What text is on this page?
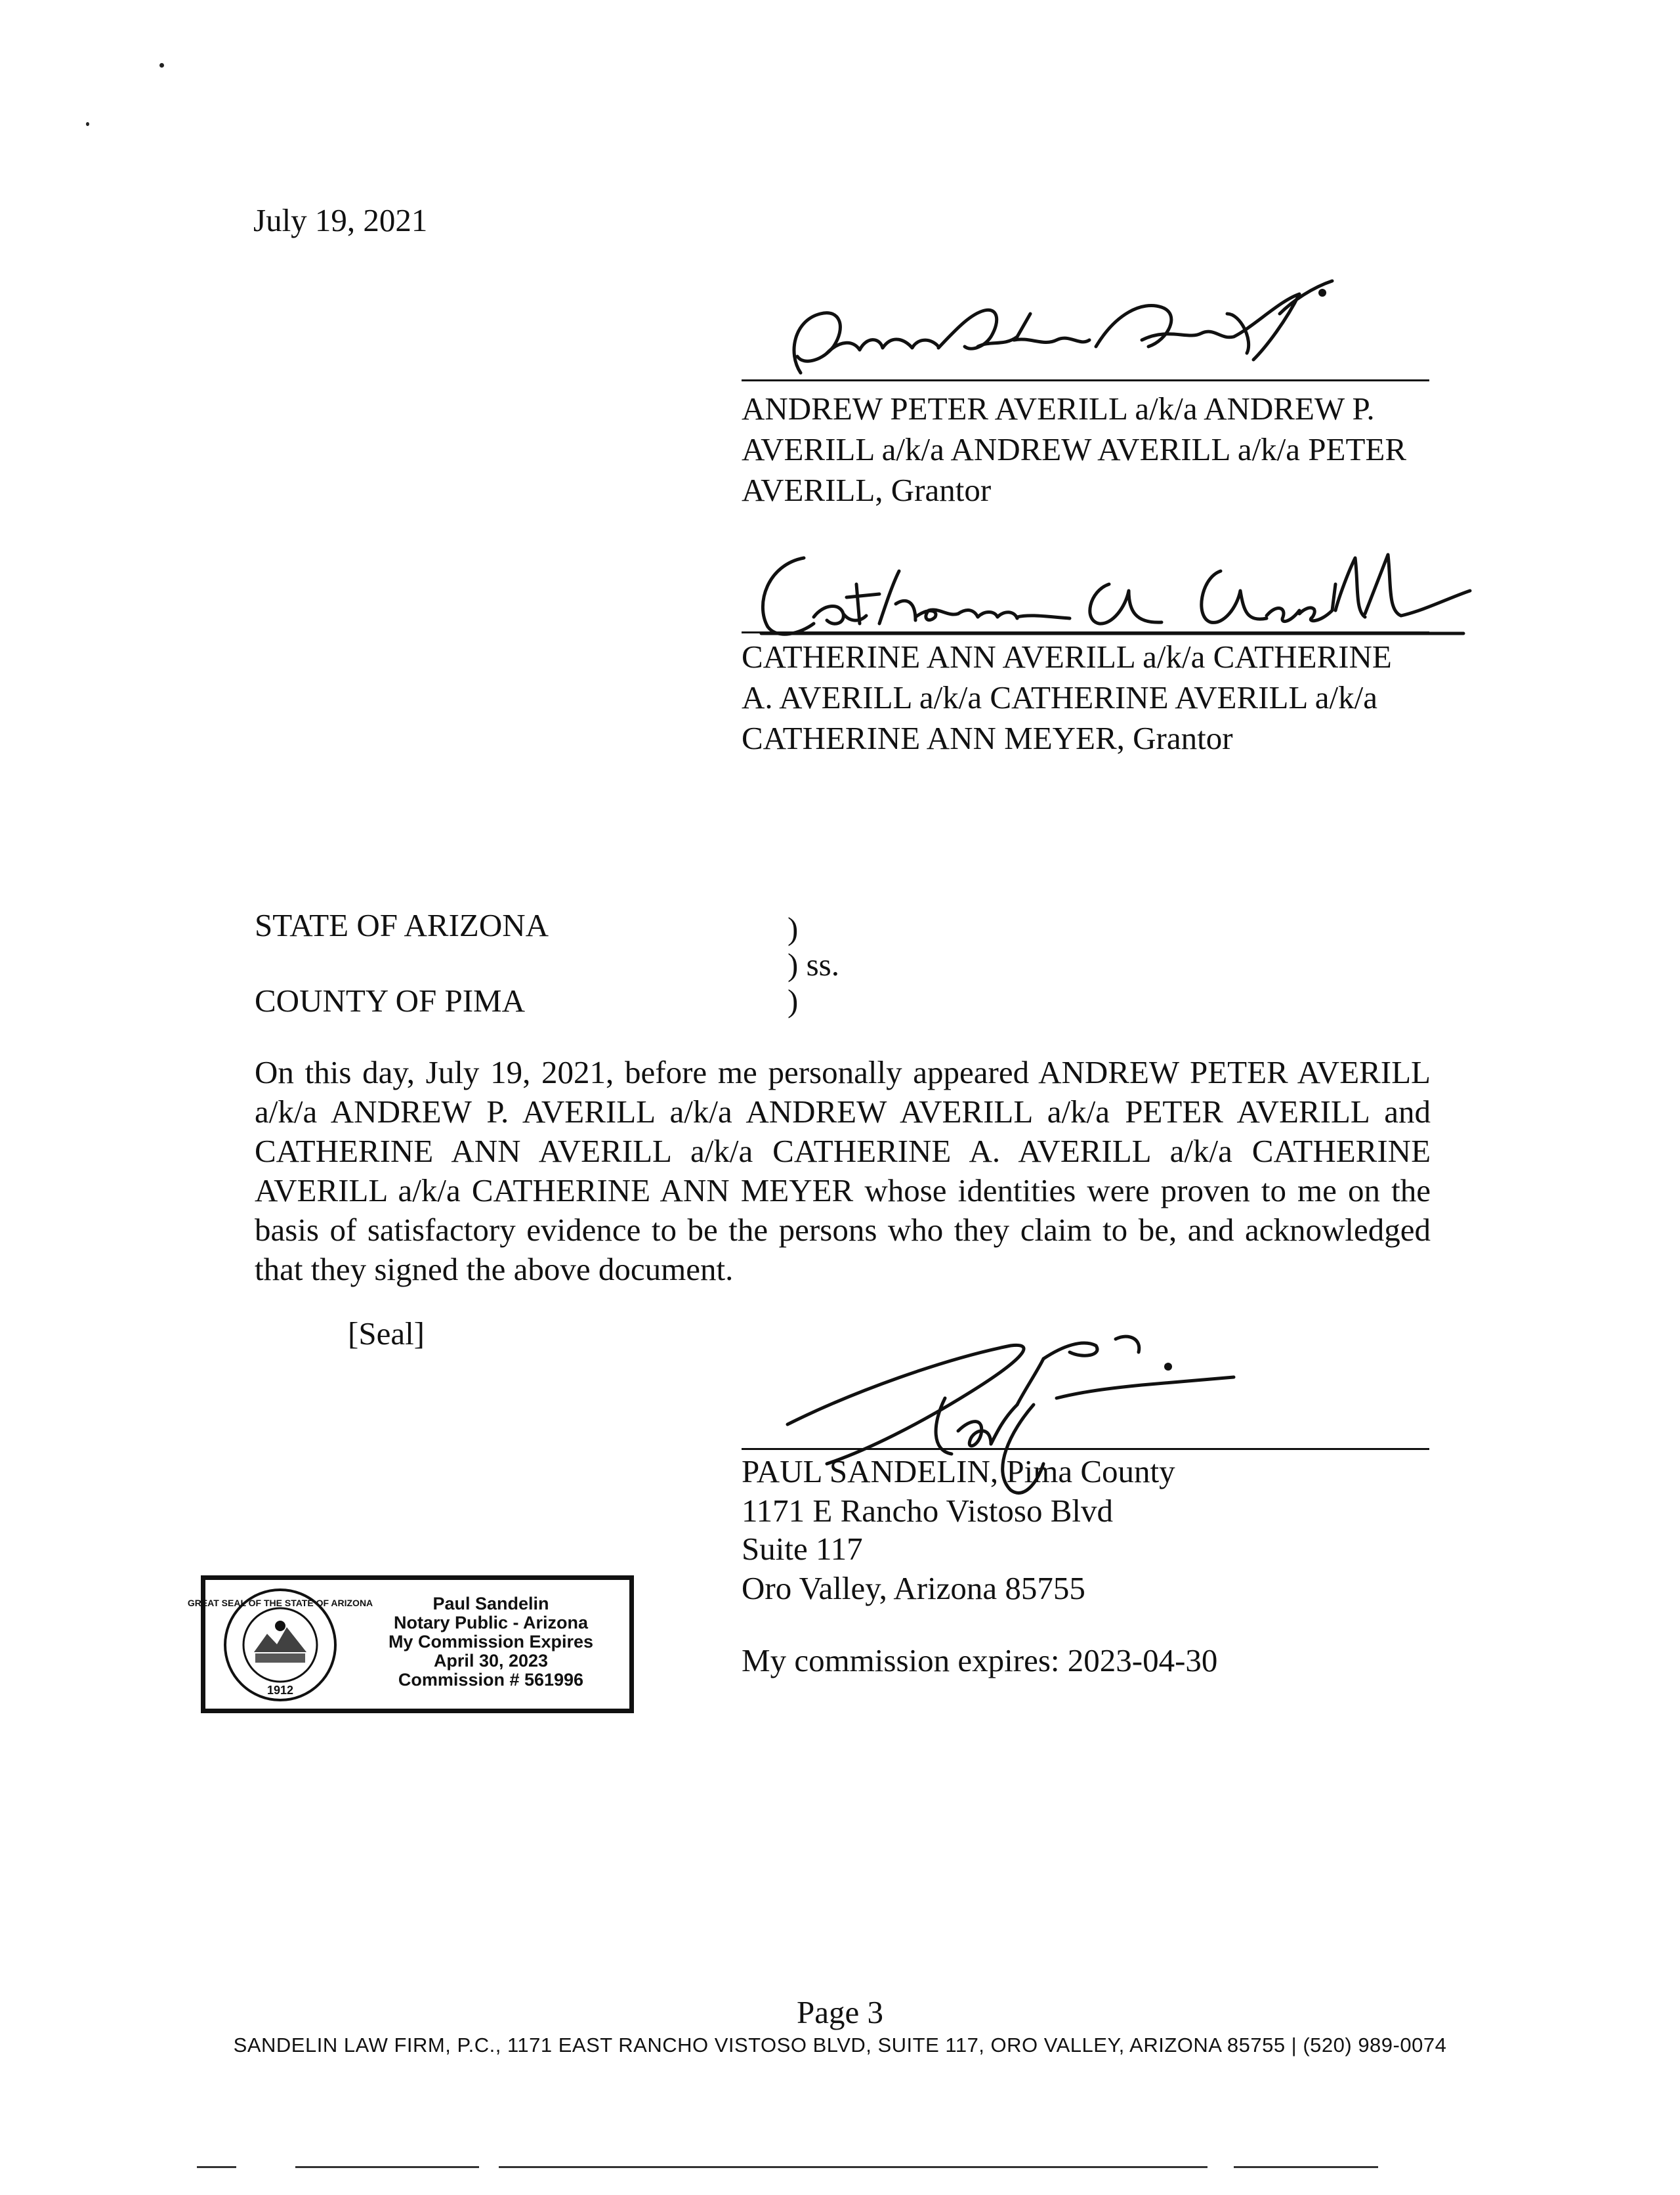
July 19, 2021
ANDREW PETER AVERILL a/k/a ANDREW P.
AVERILL a/k/a ANDREW AVERILL a/k/a PETER
AVERILL, Grantor
CATHERINE ANN AVERILL a/k/a CATHERINE
A. AVERILL a/k/a CATHERINE AVERILL a/k/a
CATHERINE ANN MEYER, Grantor
STATE OF ARIZONA	)
) ss.
COUNTY OF PIMA	)
On this day, July 19, 2021, before me personally appeared ANDREW PETER AVERILL
a/k/a ANDREW P. AVERILL a/k/a ANDREW AVERILL a/k/a PETER AVERILL and
CATHERINE ANN AVERILL a/k/a CATHERINE A. AVERILL a/k/a CATHERINE
AVERILL a/k/a CATHERINE ANN MEYER whose identities were proven to me on the
basis of satisfactory evidence to be the persons who they claim to be, and acknowledged
that they signed the above document.
[Seal]
PAUL SANDELIN, Pima County
1171 E Rancho Vistoso Blvd
Suite 117
Oro Valley, Arizona 85755
My commission expires: 2023-04-30
GREAT SEAL OF THE STATE OF ARIZONA
1912
Paul Sandelin
Notary Public - Arizona
My Commission Expires
April 30, 2023
Commission # 561996
Page 3
SANDELIN LAW FIRM, P.C., 1171 EAST RANCHO VISTOSO BLVD, SUITE 117, ORO VALLEY, ARIZONA 85755 | (520) 989-0074
